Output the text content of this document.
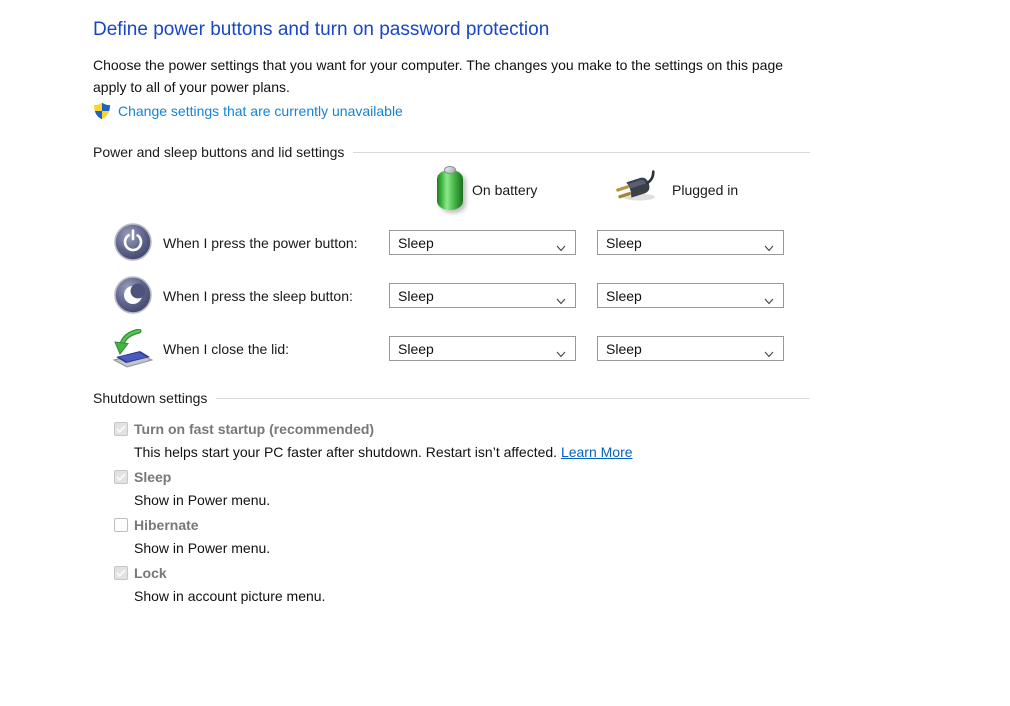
Define power buttons and turn on password protection
Choose the power settings that you want for your computer. The changes you make to the settings on this page apply to all of your power plans.
Change settings that are currently unavailable
Power and sleep buttons and lid settings
On battery	Plugged in
When I press the power button:	Sleep	Sleep
When I press the sleep button:	Sleep	Sleep
When I close the lid:	Sleep	Sleep
Shutdown settings
Turn on fast startup (recommended)
This helps start your PC faster after shutdown. Restart isn’t affected. Learn More
Sleep
Show in Power menu.
Hibernate
Show in Power menu.
Lock
Show in account picture menu.
